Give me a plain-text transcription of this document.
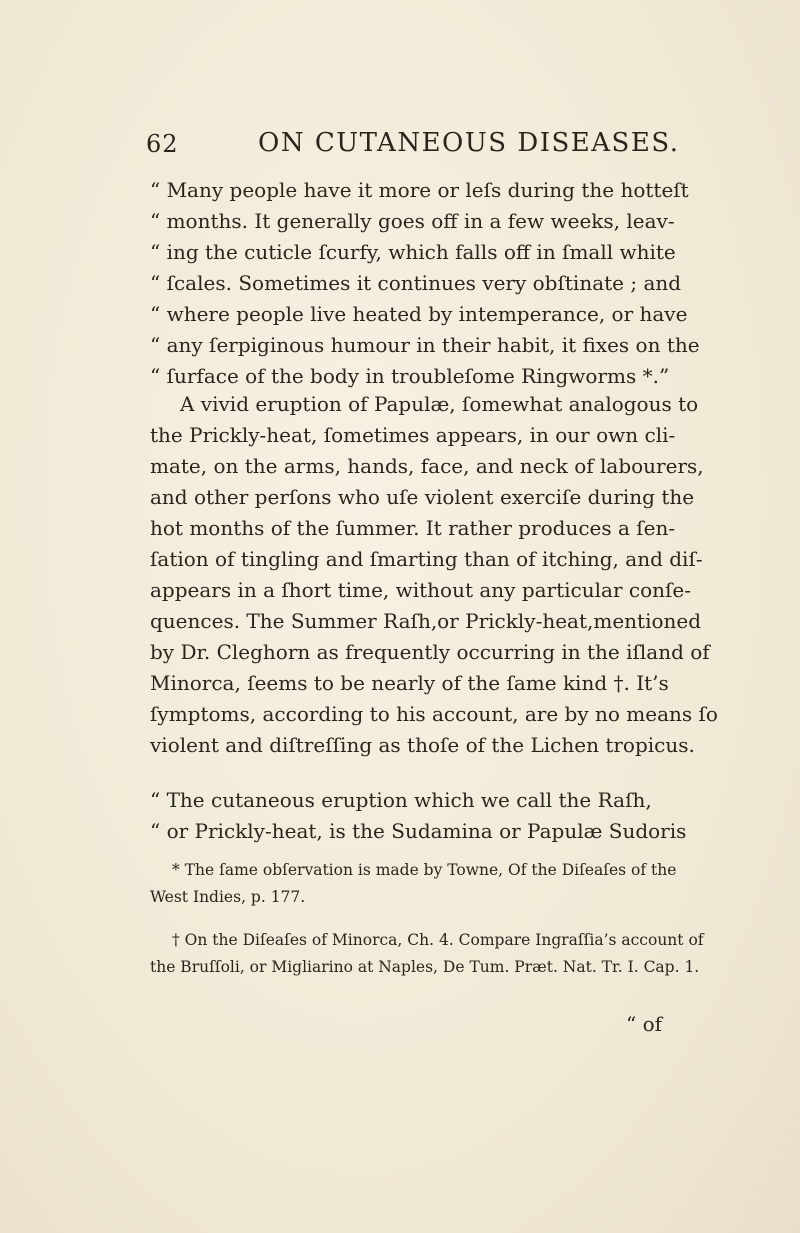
62	ON CUTANEOUS DISEASES.
“ Many people have it more or leſs during the hotteſt
“ months. It generally goes off in a few weeks, leav-
“ ing the cuticle ſcurfy, which falls off in ſmall white
“ ſcales. Sometimes it continues very obſtinate ; and
“ where people live heated by intemperance, or have
“ any ſerpiginous humour in their habit, it fixes on the
“ ſurface of the body in troubleſome Ringworms *.”
A vivid eruption of Papulæ, ſomewhat analogous to
the Prickly-heat, ſometimes appears, in our own cli-
mate, on the arms, hands, face, and neck of labourers,
and other perſons who uſe violent exerciſe during the
hot months of the ſummer. It rather produces a ſen-
ſation of tingling and ſmarting than of itching, and diſ-
appears in a ſhort time, without any particular conſe-
quences. The Summer Raſh,or Prickly-heat,mentioned
by Dr. Cleghorn as frequently occurring in the iſland of
Minorca, ſeems to be nearly of the ſame kind †. It’s
ſymptoms, according to his account, are by no means ſo
violent and diſtreſſing as thoſe of the Lichen tropicus.
“ The cutaneous eruption which we call the Raſh,
“ or Prickly-heat, is the Sudamina or Papulæ Sudoris
* The ſame obſervation is made by Towne, Of the Diſeaſes of the
West Indies, p. 177.
† On the Diſeaſes of Minorca, Ch. 4. Compare Ingraſſia’s account of
the Bruſſoli, or Migliarino at Naples, De Tum. Præt. Nat. Tr. I. Cap. 1.
“ of
